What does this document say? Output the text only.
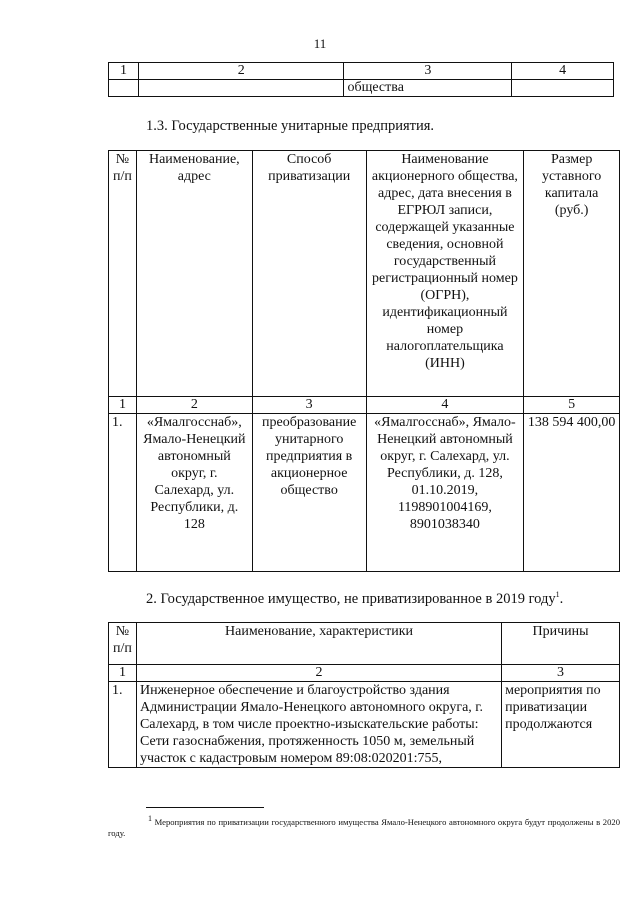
11
1	2	3	4
		общества	
1.3. Государственные унитарные предприятия.
№ п/п	Наименование, адрес	Способ приватизации	Наименование акционерного общества, адрес, дата внесения в ЕГРЮЛ записи, содержащей указанные сведения, основной государственный регистрационный номер (ОГРН), идентификационный номер налогоплательщика (ИНН)	Размер уставного капитала (руб.)
1	2	3	4	5
1.	«Ямалгосснаб», Ямало-Ненецкий автономный округ, г. Салехард, ул. Республики, д. 128	преобразование унитарного предприятия в акционерное общество	«Ямалгосснаб», Ямало-Ненецкий автономный округ, г. Салехард, ул. Республики, д. 128, 01.10.2019, 1198901004169, 8901038340	138 594 400,00
2. Государственное имущество, не приватизированное в 2019 году$^1$.
№ п/п	Наименование, характеристики	Причины
1	2	3
1.	Инженерное обеспечение и благоустройство здания Администрации Ямало-Ненецкого автономного округа, г. Салехард, в том числе проектно-изыскательские работы: Сети газоснабжения, протяженность 1050 м, земельный участок с кадастровым номером 89:08:020201:755,	мероприятия по приватизации продолжаются
$^1$ Мероприятия по приватизации государственного имущества Ямало-Ненецкого автономного округа будут продолжены в 2020 году.
